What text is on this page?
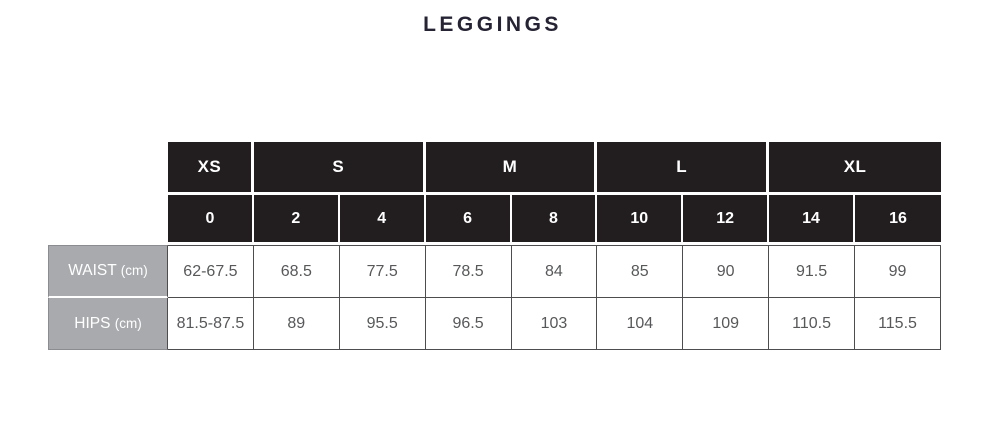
LEGGINGS
	XS	S		M		L		XL	
	0	2	4	6	8	10	12	14	16
WAIST (cm)	62-67.5	68.5	77.5	78.5	84	85	90	91.5	99
HIPS (cm)	81.5-87.5	89	95.5	96.5	103	104	109	110.5	115.5
